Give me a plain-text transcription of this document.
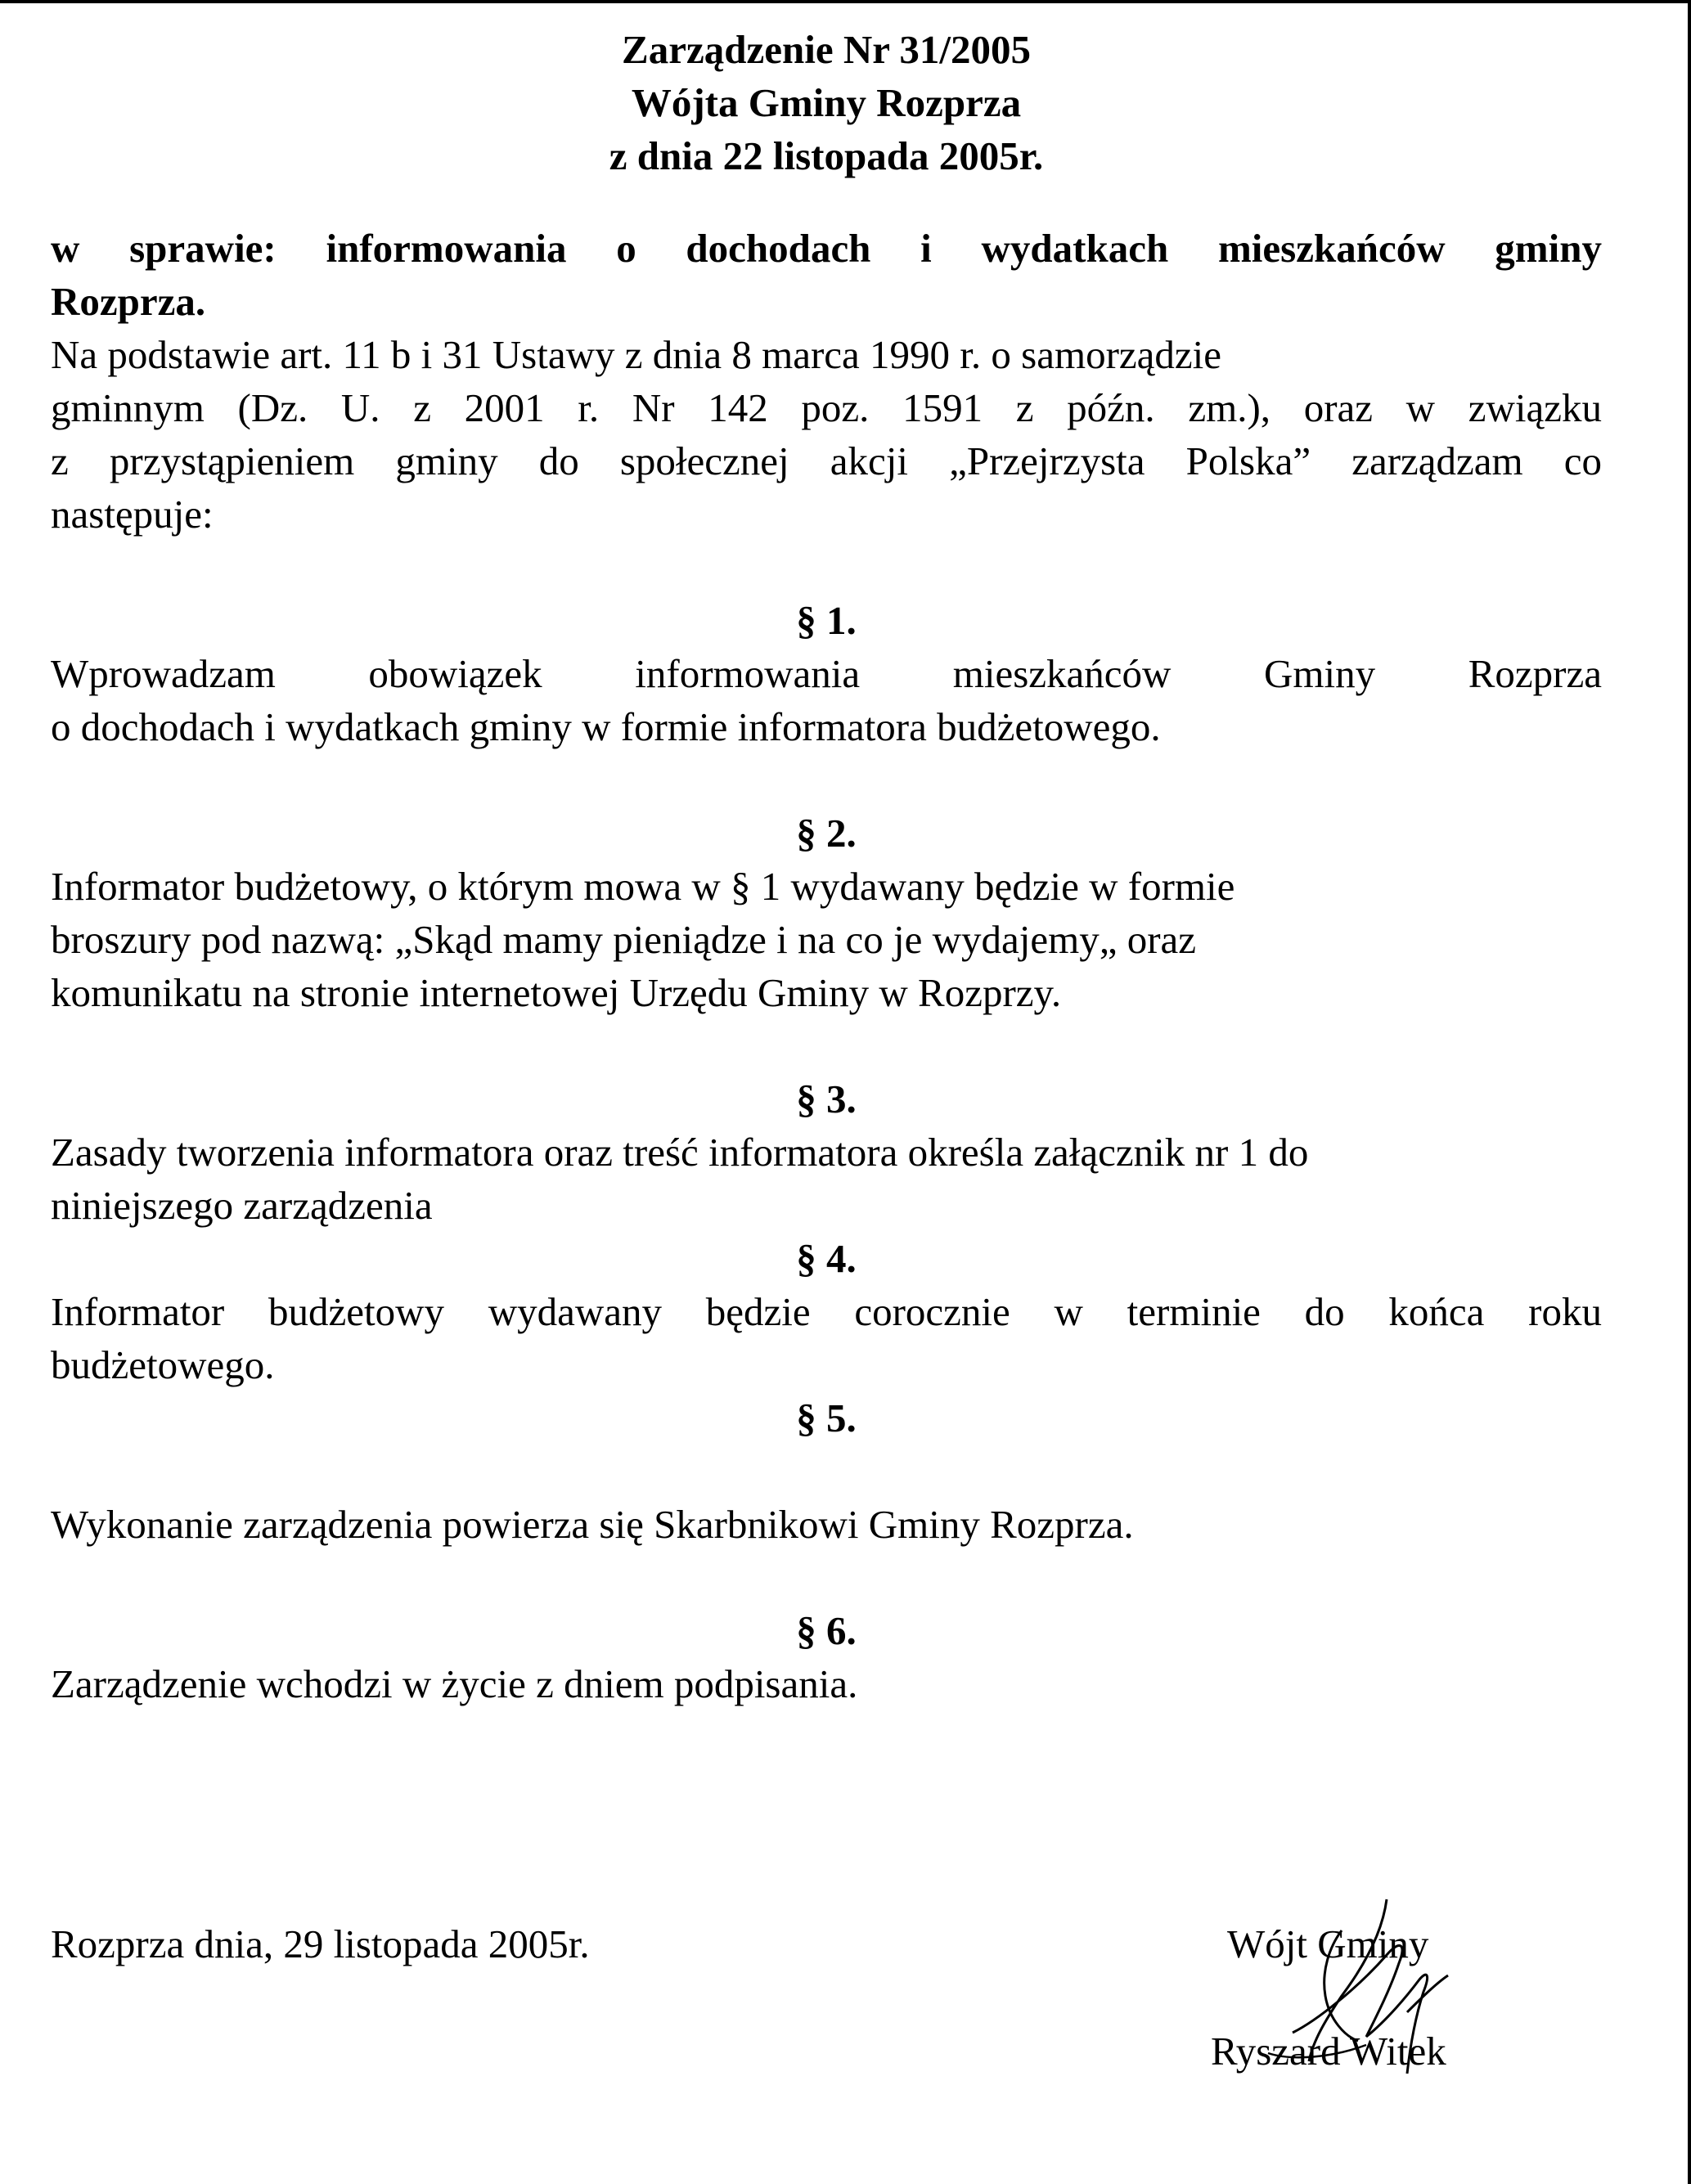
Zarządzenie Nr 31/2005
Wójta Gminy Rozprza
z dnia 22 listopada 2005r.
w sprawie: informowania o dochodach i wydatkach mieszkańców gminy
Rozprza.
Na podstawie art. 11 b i 31 Ustawy z dnia 8 marca 1990 r. o samorządzie
gminnym (Dz. U. z 2001 r. Nr 142 poz. 1591 z późn. zm.), oraz w związku
z przystąpieniem gminy do społecznej akcji „Przejrzysta Polska” zarządzam co
następuje:
§ 1.
Wprowadzam obowiązek informowania mieszkańców Gminy Rozprza
o dochodach i wydatkach gminy w formie informatora budżetowego.
§ 2.
Informator budżetowy, o którym mowa w § 1 wydawany będzie w formie
broszury pod nazwą: „Skąd mamy pieniądze i na co je wydajemy„ oraz
komunikatu na stronie internetowej Urzędu Gminy w Rozprzy.
§ 3.
Zasady tworzenia informatora oraz treść informatora określa załącznik nr 1 do
niniejszego zarządzenia
§ 4.
Informator budżetowy wydawany będzie corocznie w terminie do końca roku
budżetowego.
§ 5.
Wykonanie zarządzenia powierza się Skarbnikowi Gminy Rozprza.
§ 6.
Zarządzenie wchodzi w życie z dniem podpisania.
Rozprza dnia, 29 listopada 2005r.	Wójt Gminy
Ryszard Witek
